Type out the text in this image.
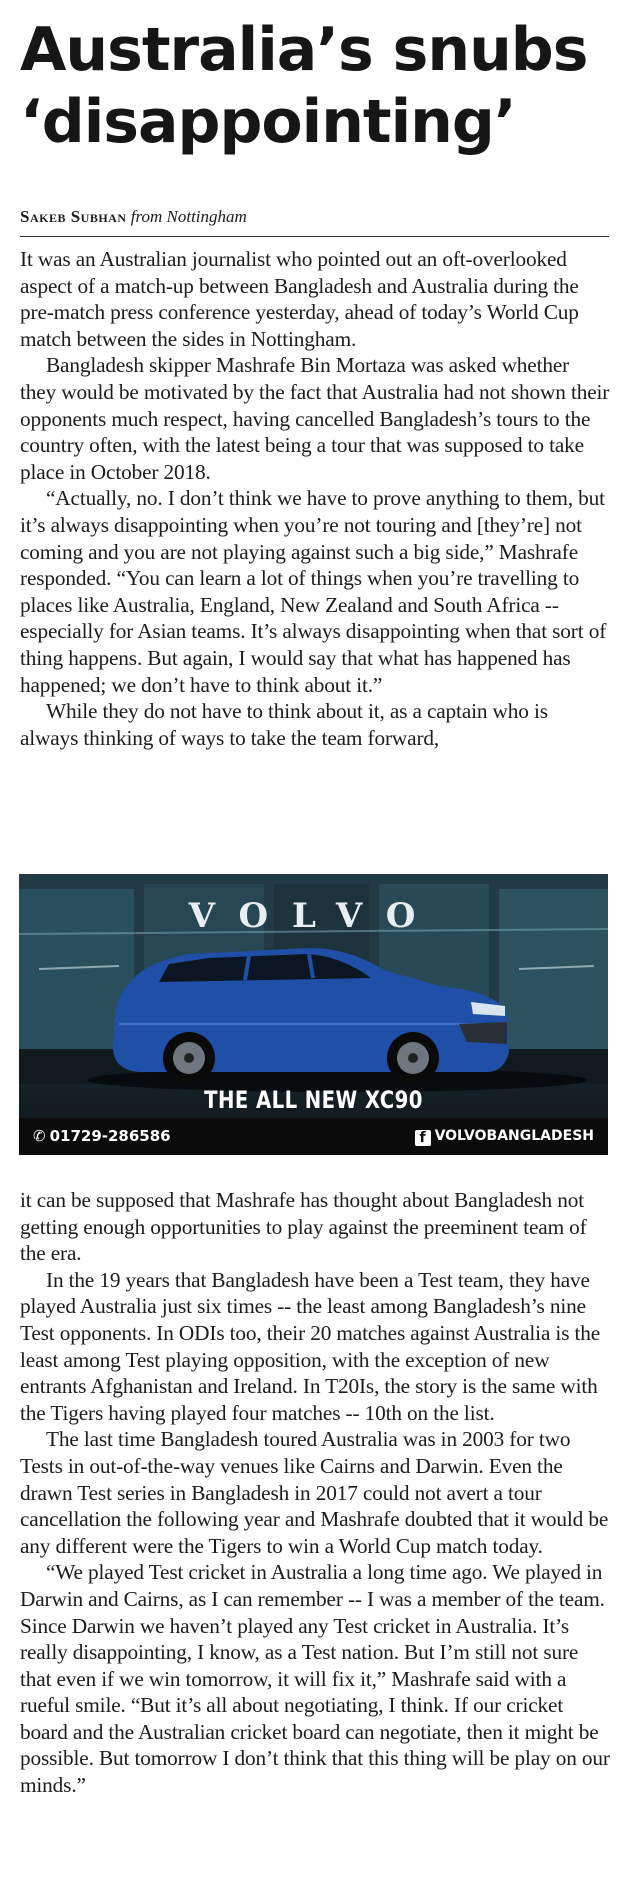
Australia’s snubs
‘disappointing’
Sakeb Subhan from Nottingham

It was an Australian journalist who pointed out an oft-overlooked aspect of a match-up between Bangladesh and Australia during the pre-match press conference yesterday, ahead of today’s World Cup match between the sides in Nottingham.

Bangladesh skipper Mashrafe Bin Mortaza was asked whether they would be motivated by the fact that Australia had not shown their opponents much respect, having cancelled Bangladesh’s tours to the country often, with the latest being a tour that was supposed to take place in October 2018.

“Actually, no. I don’t think we have to prove anything to them, but it’s always disappointing when you’re not touring and [they’re] not coming and you are not playing against such a big side,” Mashrafe responded. “You can learn a lot of things when you’re travelling to places like Australia, England, New Zealand and South Africa -- especially for Asian teams. It’s always disappointing when that sort of thing happens. But again, I would say that what has happened has happened; we don’t have to think about it.”

While they do not have to think about it, as a captain who is always thinking of ways to take the team forward,

VOLVO
THE ALL NEW XC90
✆ 01729-286586	f VOLVOBANGLADESH

it can be supposed that Mashrafe has thought about Bangladesh not getting enough opportunities to play against the preeminent team of the era.

In the 19 years that Bangladesh have been a Test team, they have played Australia just six times -- the least among Bangladesh’s nine Test opponents. In ODIs too, their 20 matches against Australia is the least among Test playing opposition, with the exception of new entrants Afghanistan and Ireland. In T20Is, the story is the same with the Tigers having played four matches -- 10th on the list.

The last time Bangladesh toured Australia was in 2003 for two Tests in out-of-the-way venues like Cairns and Darwin. Even the drawn Test series in Bangladesh in 2017 could not avert a tour cancellation the following year and Mashrafe doubted that it would be any different were the Tigers to win a World Cup match today.

“We played Test cricket in Australia a long time ago. We played in Darwin and Cairns, as I can remember -- I was a member of the team. Since Darwin we haven’t played any Test cricket in Australia. It’s really disappointing, I know, as a Test nation. But I’m still not sure that even if we win tomorrow, it will fix it,” Mashrafe said with a rueful smile. “But it’s all about negotiating, I think. If our cricket board and the Australian cricket board can negotiate, then it might be possible. But tomorrow I don’t think that this thing will be play on our minds.”
